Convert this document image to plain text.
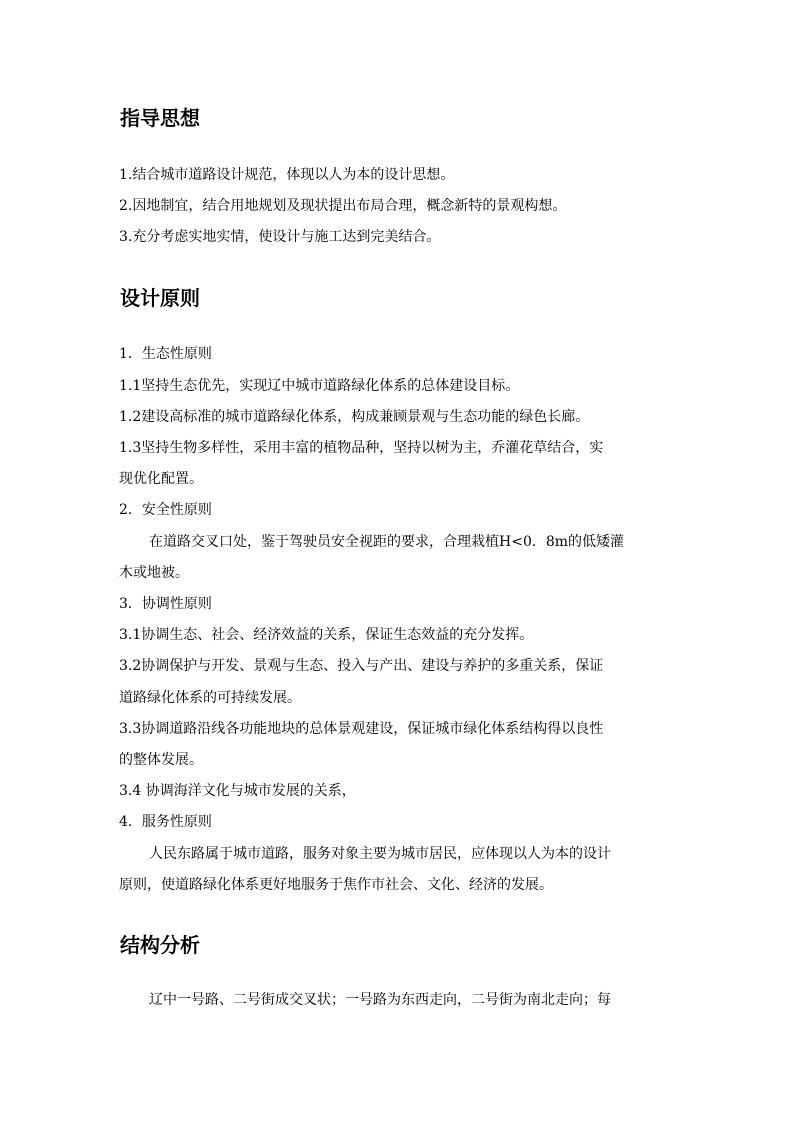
指导思想
1.结合城市道路设计规范，体现以人为本的设计思想。
2.因地制宜，结合用地规划及现状提出布局合理，概念新特的景观构想。
3.充分考虑实地实情，使设计与施工达到完美结合。
设计原则
1．生态性原则
1.1坚持生态优先，实现辽中城市道路绿化体系的总体建设目标。
1.2建设高标准的城市道路绿化体系，构成兼顾景观与生态功能的绿色长廊。
1.3坚持生物多样性，采用丰富的植物品种，坚持以树为主，乔灌花草结合，实
现优化配置。
2．安全性原则
在道路交叉口处，鉴于驾驶员安全视距的要求，合理栽植H<0．8m的低矮灌
木或地被。
3．协调性原则
3.1协调生态、社会、经济效益的关系，保证生态效益的充分发挥。
3.2协调保护与开发、景观与生态、投入与产出、建设与养护的多重关系，保证
道路绿化体系的可持续发展。
3.3协调道路沿线各功能地块的总体景观建设，保证城市绿化体系结构得以良性
的整体发展。
3.4 协调海洋文化与城市发展的关系，
4．服务性原则
人民东路属于城市道路，服务对象主要为城市居民，应体现以人为本的设计
原则，使道路绿化体系更好地服务于焦作市社会、文化、经济的发展。
结构分析
辽中一号路、二号街成交叉状；一号路为东西走向，二号街为南北走向；每
